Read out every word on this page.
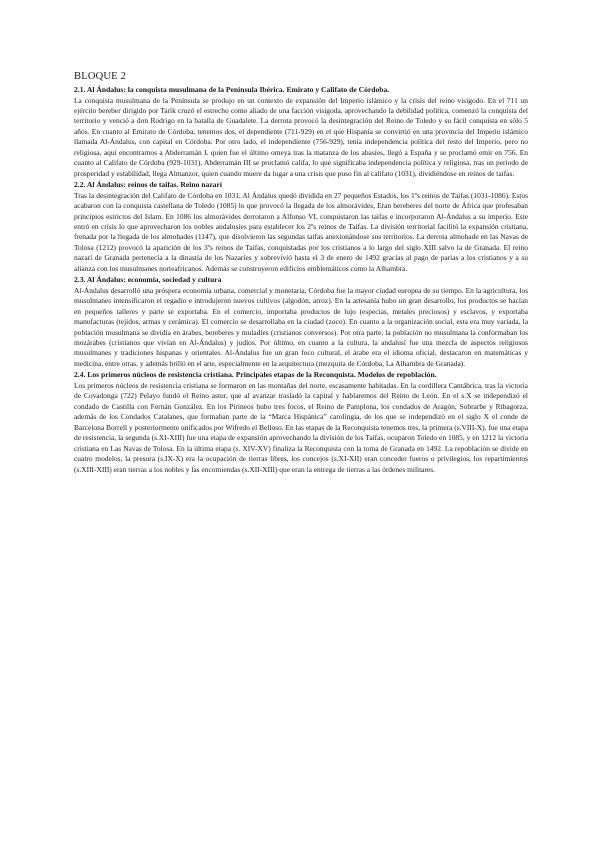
BLOQUE 2

2.1. Al Ándalus: la conquista musulmana de la Península Ibérica. Emirato y Califato de Córdoba.

La conquista musulmana de la Península se produjo en un contexto de expansión del Imperio islámico y la crisis del reino visigodo. En el 711 un ejército bereber dirigido por Tarik cruzó el estrecho como aliado de una facción visigoda, aprovechando la debilidad política, comenzó la conquista del territorio y venció a don Rodrigo en la batalla de Guadalete. La derrota provocó la desintegración del Reino de Toledo y su fácil conquista en sólo 5 años. En cuanto al Emirato de Córdoba, tenemos dos, el dependiente (711-929) en el que Hispania se convirtió en una provincia del Imperio islámico llamada Al-Ándalus, con capital en Córdoba. Por otro lado, el independiente (756-929), tenía independencia política del resto del Imperio, pero no religiosa, aquí encontramos a Abderramán I. quien fue el último omeya tras la matanza de los abasíes, llegó a España y se proclamó emir en 756. En cuanto al Califato de Córdoba (929-1031), Abderramán III se proclamó califa, lo que significaba independencia política y religiosa, tras un periodo de prosperidad y estabilidad, llega Almanzor, quien cuando muere da lugar a una crisis que puso fin al califato (1031), dividiéndose en reinos de taifas.

2.2. Al Ándalus: reinos de taifas. Reino nazarí

Tras la desintegración del Califato de Córdoba en 1031, Al Ándalus quedó dividida en 27 pequeños Estados, los 1ºs reinos de Taifas (1031-1086). Estos acabaron con la conquista castellana de Toledo (1085) lo que provocó la llegada de los almorávides, Eran bereberes del norte de África que profesaban principios estrictos del Islam. En 1086 los almorávides derrotaron a Alfonso VI, conquistaron las taifas e incorporaron Al-Ándalus a su imperio. Este entró en crisis lo que aprovecharon los nobles andalusíes para establecer los 2ºs reinos de Taifas. La división territorial facilitó la expansión cristiana, frenada por la llegada de los almohades (1147), que disolvieron las segundas taifas anexionándose sus territorios. La derrota almohade en las Navas de Tolosa (1212) provocó la aparición de los 3ºs reinos de Taifas, conquistadas por los cristianos a lo largo del siglo XIII salvo la de Granada. El reino nazarí de Granada pertenecía a la dinastía de los Nazaríes y sobrevivió hasta el 3 de enero de 1492 gracias al pago de parias a los cristianos y a su alianza con los musulmanes norteafricanos. Además se construyeron edificios emblemáticos como la Alhambra.

2.3. Al Ándalus: economía, sociedad y cultura

Al-Ándalus desarrolló una próspera economía urbana, comercial y monetaria, Córdoba fue la mayor ciudad europea de su tiempo. En la agricultura, los musulmanes intensificaron el regadío e introdujeron nuevos cultivos (algodón, arroz). En la artesanía hubo un gran desarrollo, los productos se hacían en pequeños talleres y parte se exportaba. En el comercio, importaba productos de lujo (especias, metales preciosos) y esclavos, y exportaba manufacturas (tejidos, armas y cerámica). El comercio se desarrollaba en la ciudad (zoco). En cuanto a la organización social, esta era muy variada, la población musulmana se dividía en árabes, bereberes y muladíes (cristianos conversos). Por otra parte, la población no musulmana la conformaban los mozárabes (cristianos que vivían en Al-Ándalus) y judíos. Por último, en cuanto a la cultura, la andalusí fue una mezcla de aspectos religiosos musulmanes y tradiciones hispanas y orientales. Al-Ándalus fue un gran foco cultural, el árabe era el idioma oficial, destacaron en matemáticas y medicina, entre otras, y además brilló en el arte, especialmente en la arquitectura (mezquita de Córdoba, La Alhambra de Granada).

2.4. Los primeros núcleos de resistencia cristiana. Principales etapas de la Reconquista. Modelos de repoblación.

Los primeros núcleos de resistencia cristiana se formaron en las montañas del norte, escasamente habitadas. En la cordillera Cantábrica, tras la victoria de Covadonga (722) Pelayo fundó el Reino astur, que al avanzar trasladó la capital y hablaremos del Reino de León. En el s.X se independizó el condado de Castilla con Fernán González. En los Pirineos hubo tres focos, el Reino de Pamplona, los condados de Aragón, Sobrarbe y Ribagorza, además de los Condados Catalanes, que formaban parte de la “Marca Hispánica” carolingia, de los que se independizó en el siglo X el conde de Barcelona Borrell y posteriormente unificados por Wifredo el Belloso. En las etapas de la Reconquista tenemos tres, la primera (s.VIII-X), fue una etapa de resistencia, la segunda (s.XI-XIII) fue una etapa de expansión aprovechando la división de los Taifas, ocuparon Toledo en 1085, y en 1212 la victoria cristiana en Las Navas de Tolosa. En la última etapa (s. XIV-XV) finaliza la Reconquista con la toma de Granada en 1492. La repoblación se divide en cuatro modelos, la presura (s.IX-X) era la ocupación de tierras libres, los concejos (s.XI-XII) eran conceder fueros o privilegios, los repartimientos (s.XIII-XIII) eran tierras a los nobles y las encomiendas (s.XII-XIII) que eran la entrega de tierras a las órdenes militares.
